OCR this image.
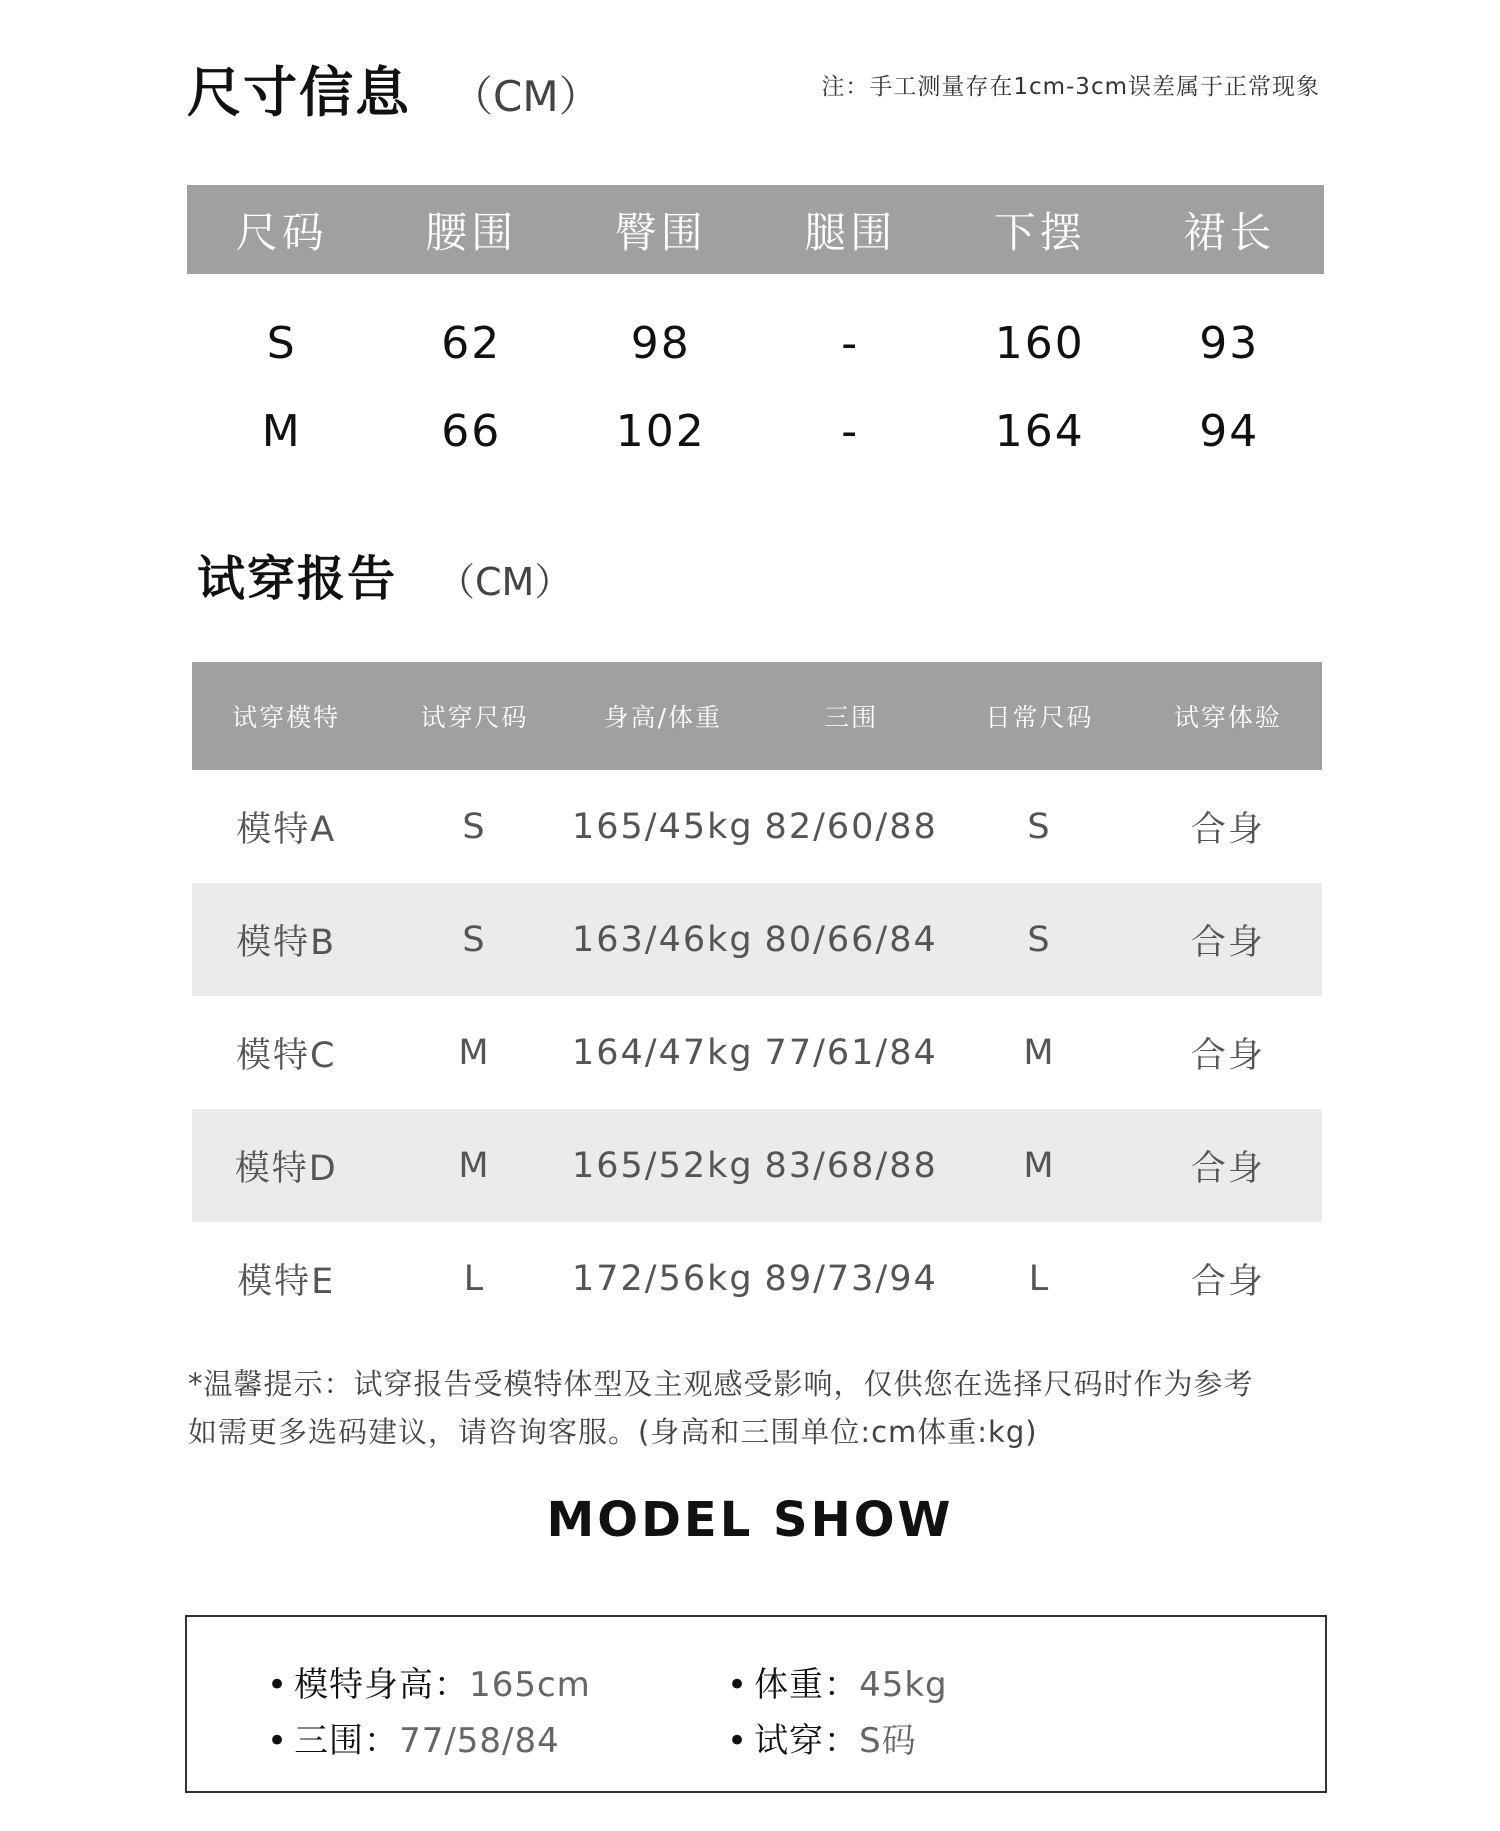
尺寸信息 （CM）	注：手工测量存在1cm-3cm误差属于正常现象
尺码	腰围	臀围	腿围	下摆	裙长
S	62	98	-	160	93
M	66	102	-	164	94
试穿报告 （CM）
试穿模特	试穿尺码	身高/体重	三围	日常尺码	试穿体验
模特A	S	165/45kg	82/60/88	S	合身
模特B	S	163/46kg	80/66/84	S	合身
模特C	M	164/47kg	77/61/84	M	合身
模特D	M	165/52kg	83/68/88	M	合身
模特E	L	172/56kg	89/73/94	L	合身
*温馨提示：试穿报告受模特体型及主观感受影响，仅供您在选择尺码时作为参考
如需更多选码建议，请咨询客服。(身高和三围单位:cm体重:kg)
MODEL SHOW
• 模特身高：165cm	• 体重：45kg
• 三围：77/58/84	• 试穿：S码
